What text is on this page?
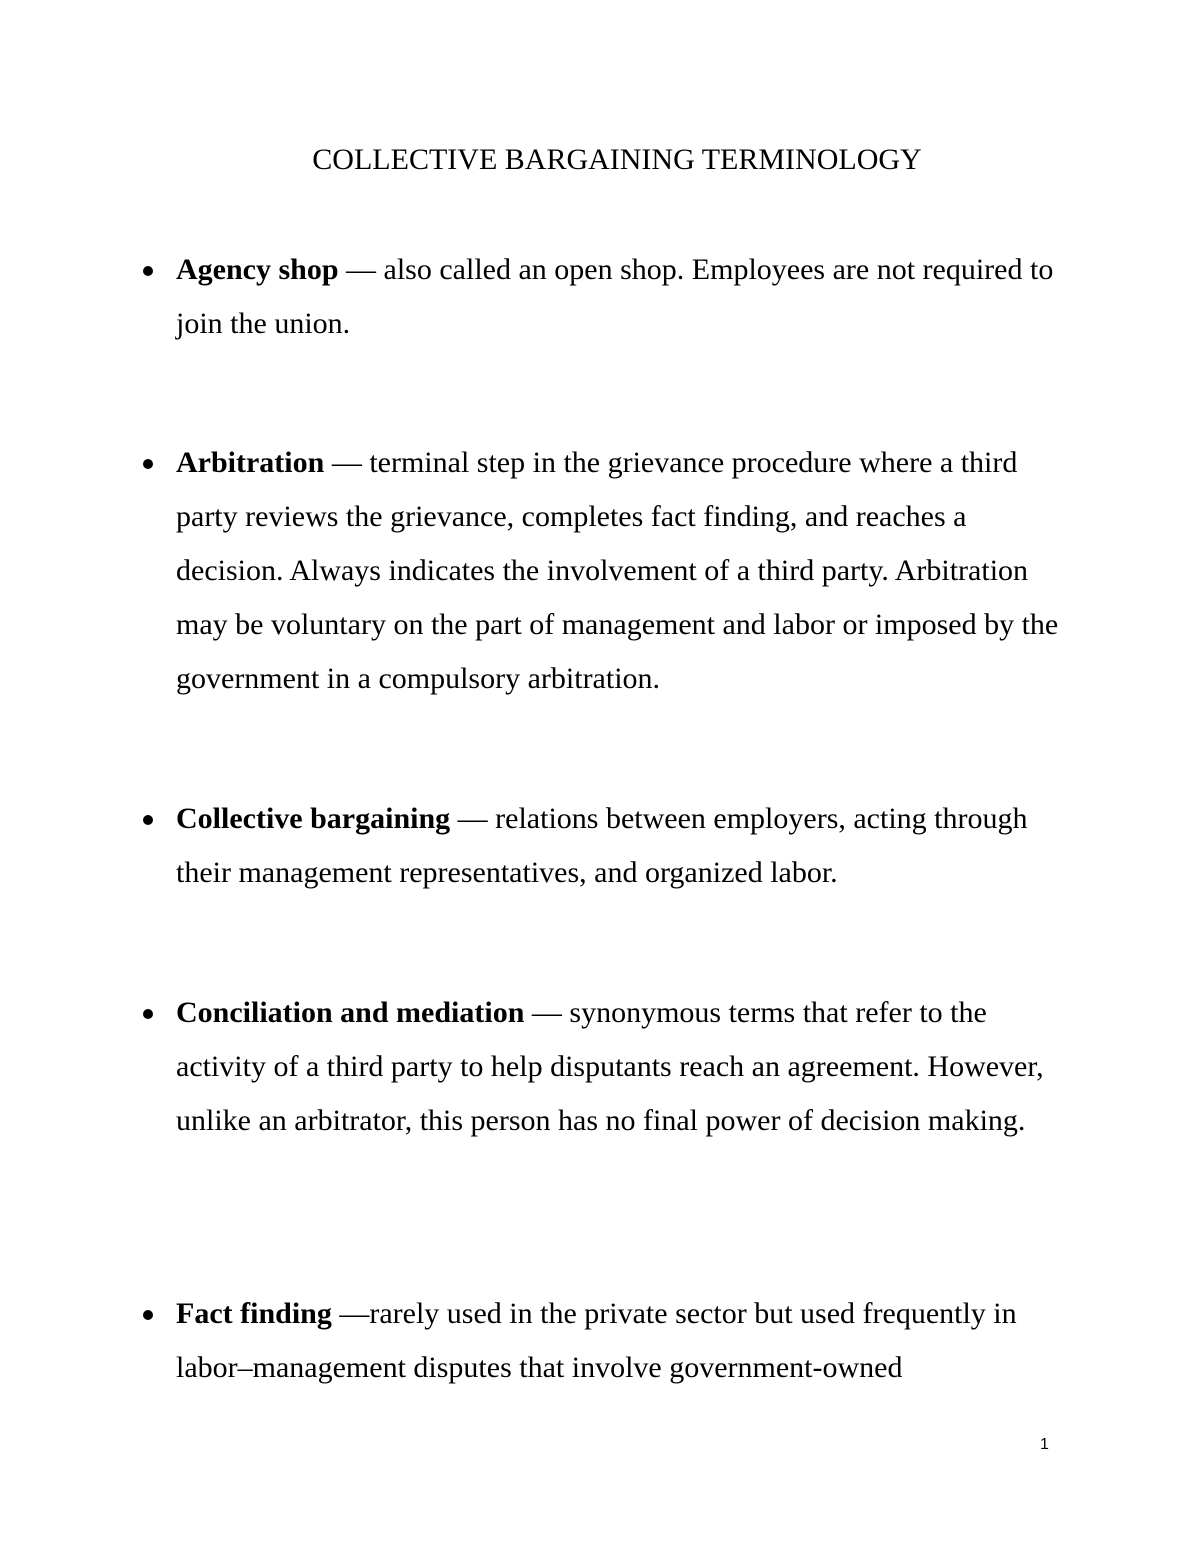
COLLECTIVE BARGAINING TERMINOLOGY

Agency shop — also called an open shop. Employees are not required to join the union.

Arbitration — terminal step in the grievance procedure where a third party reviews the grievance, completes fact finding, and reaches a decision. Always indicates the involvement of a third party. Arbitration may be voluntary on the part of management and labor or imposed by the government in a compulsory arbitration.

Collective bargaining — relations between employers, acting through their management representatives, and organized labor.

Conciliation and mediation — synonymous terms that refer to the activity of a third party to help disputants reach an agreement. However, unlike an arbitrator, this person has no final power of decision making.

Fact finding —rarely used in the private sector but used frequently in labor–management disputes that involve government-owned

1
